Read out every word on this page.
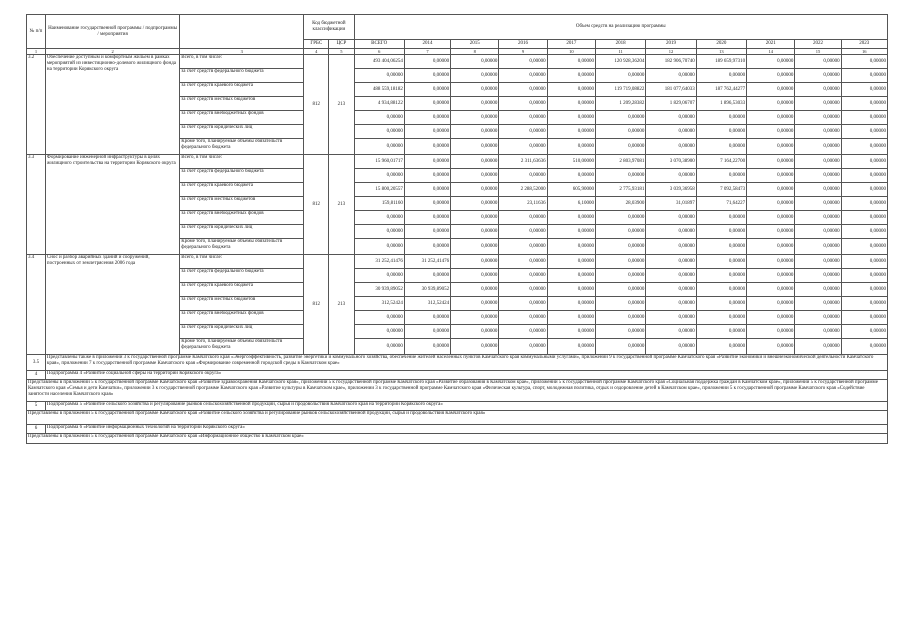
№ п/п	Наименование государственной программы / подпрограммы / мероприятия		Код бюджетной классификации		Объем средств на реализацию программы										
			ГРБС	ЦСР	ВСЕГО	2014	2015	2016	2017	2018	2019	2020	2021	2022	2023
1	2	3	4	5	6	7	8	9	10	11	12	13	14	15	16
3.2	Обеспечение доступным и комфортным жильем в рамках мероприятий из инвестиционно-долевого жилищного фонда на территории Корякского округа	Всего, в том числе:	812	213	493 404,06254	0,00000	0,00000	0,00000	0,00000	120 928,36204	182 906,70740	189 659,97310	0,00000	0,00000	0,00000
		за счет средств федерального бюджета			0,00000	0,00000	0,00000	0,00000	0,00000	0,00000	0,00000	0,00000	0,00000	0,00000	0,00000
		за счет средств краевого бюджета			488 559,18182	0,00000	0,00000	0,00000	0,00000	119 719,08822	181 077,64033	187 762,44277	0,00000	0,00000	0,00000
		за счет средств местных бюджетов			4 934,88122	0,00000	0,00000	0,00000	0,00000	1 209,28382	1 829,06707	1 896,53033	0,00000	0,00000	0,00000
		за счет средств внебюджетных фондов			0,00000	0,00000	0,00000	0,00000	0,00000	0,00000	0,00000	0,00000	0,00000	0,00000	0,00000
		за счет средств юридических лиц			0,00000	0,00000	0,00000	0,00000	0,00000	0,00000	0,00000	0,00000	0,00000	0,00000	0,00000
		Кроме того, планируемые объемы обязательств федерального бюджета			0,00000	0,00000	0,00000	0,00000	0,00000	0,00000	0,00000	0,00000	0,00000	0,00000	0,00000
3.3	Формирование инженерной инфраструктуры в целях жилищного строительства на территории Корякского округа	Всего, в том числе:	812	213	15 960,01717	0,00000	0,00000	2 311,63636	510,00000	2 803,97081	3 070,38900	7 164,22700	0,00000	0,00000	0,00000
		за счет средств федерального бюджета			0,00000	0,00000	0,00000	0,00000	0,00000	0,00000	0,00000	0,00000	0,00000	0,00000	0,00000
		за счет средств краевого бюджета			15 800,20557	0,00000	0,00000	2 288,52000	605,90000	2 775,93181	3 039,36958	7 092,58473	0,00000	0,00000	0,00000
		за счет средств местных бюджетов			159,81160	0,00000	0,00000	23,11636	6,10000	28,03900	31,01897	71,64227	0,00000	0,00000	0,00000
		за счет средств внебюджетных фондов			0,00000	0,00000	0,00000	0,00000	0,00000	0,00000	0,00000	0,00000	0,00000	0,00000	0,00000
		за счет средств юридических лиц			0,00000	0,00000	0,00000	0,00000	0,00000	0,00000	0,00000	0,00000	0,00000	0,00000	0,00000
		Кроме того, планируемые объемы обязательств федерального бюджета			0,00000	0,00000	0,00000	0,00000	0,00000	0,00000	0,00000	0,00000	0,00000	0,00000	0,00000
3.4	Снос и разбор аварийных зданий и сооружений, построенных от землетрясения 2006 года	Всего, в том числе:	812	213	31 252,41476	31 252,41476	0,00000	0,00000	0,00000	0,00000	0,00000	0,00000	0,00000	0,00000	0,00000
		за счет средств федерального бюджета			0,00000	0,00000	0,00000	0,00000	0,00000	0,00000	0,00000	0,00000	0,00000	0,00000	0,00000
		за счет средств краевого бюджета			30 939,89052	30 939,89052	0,00000	0,00000	0,00000	0,00000	0,00000	0,00000	0,00000	0,00000	0,00000
		за счет средств местных бюджетов			312,52424	312,52424	0,00000	0,00000	0,00000	0,00000	0,00000	0,00000	0,00000	0,00000	0,00000
		за счет средств внебюджетных фондов			0,00000	0,00000	0,00000	0,00000	0,00000	0,00000	0,00000	0,00000	0,00000	0,00000	0,00000
		за счет средств юридических лиц			0,00000	0,00000	0,00000	0,00000	0,00000	0,00000	0,00000	0,00000	0,00000	0,00000	0,00000
		Кроме того, планируемые объемы обязательств федерального бюджета			0,00000	0,00000	0,00000	0,00000	0,00000	0,00000	0,00000	0,00000	0,00000	0,00000	0,00000
3.5	Представлены также в приложении 3 к государственной программе Камчатского края «Энергоэффективность, развитие энергетики и коммунального хозяйства, обеспечение жителей населенных пунктов Камчатского края коммунальными услугами», приложении 9 к государственной программе Камчатского края «Развитие экономики и внешнеэкономической деятельности Камчатского края», приложении 7 к государственной программе Камчатского края «Формирование современной городской среды в Камчатском крае»														
4	Подпрограмма 4 «Развитие социальной сферы на территории Корякского округа»														
Представлены в приложении 5 к государственной программе Камчатского края «Развитие здравоохранения Камчатского края», приложении 5 к государственной программе Камчатского края «Развитие образования в Камчатском крае», приложении 5 к государственной программе Камчатского края «Социальная поддержка граждан в Камчатском крае», приложении 5 к государственной программе Камчатского края «Семья и дети Камчатки», приложении 3 к государственной программе Камчатского края «Развитие культуры в Камчатском крае», приложении 3 к государственной программе Камчатского края «Физическая культура, спорт, молодежная политика, отдых и оздоровление детей в Камчатском крае», приложении 5 к государственной программе Камчатского края «Содействие занятости населения Камчатского края»															
5	Подпрограмма 5 «Развитие сельского хозяйства и регулирование рынков сельскохозяйственной продукции, сырья и продовольствия Камчатского края на территории Корякского округа»														
Представлены в приложении 5 к государственной программе Камчатского края «Развитие сельского хозяйства и регулирование рынков сельскохозяйственной продукции, сырья и продовольствия Камчатского края»															
6	Подпрограмма 6 «Развитие информационных технологий на территории Корякского округа»														
Представлены в приложении 5 к государственной программе Камчатского края «Информационное общество в Камчатском крае»															
